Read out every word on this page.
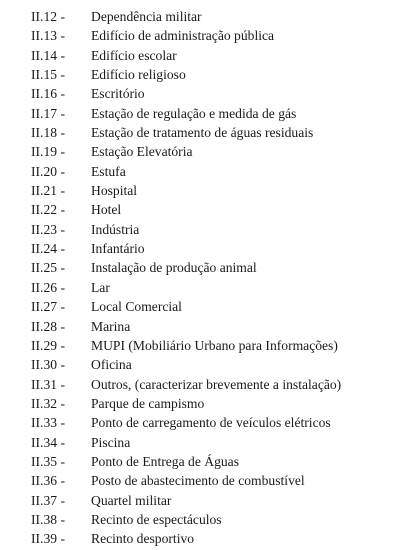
II.12 -	Dependência militar
II.13 -	Edifício de administração pública
II.14 -	Edifício escolar
II.15 -	Edifício religioso
II.16 -	Escritório
II.17 -	Estação de regulação e medida de gás
II.18 -	Estação de tratamento de águas residuais
II.19 -	Estação Elevatória
II.20 -	Estufa
II.21 -	Hospital
II.22 -	Hotel
II.23 -	Indústria
II.24 -	Infantário
II.25 -	Instalação de produção animal
II.26 -	Lar
II.27 -	Local Comercial
II.28 -	Marina
II.29 -	MUPI (Mobiliário Urbano para Informações)
II.30 -	Oficina
II.31 -	Outros, (caracterizar brevemente a instalação)
II.32 -	Parque de campismo
II.33 -	Ponto de carregamento de veículos elétricos
II.34 -	Piscina
II.35 -	Ponto de Entrega de Águas
II.36 -	Posto de abastecimento de combustível
II.37 -	Quartel militar
II.38 -	Recinto de espectáculos
II.39 -	Recinto desportivo
